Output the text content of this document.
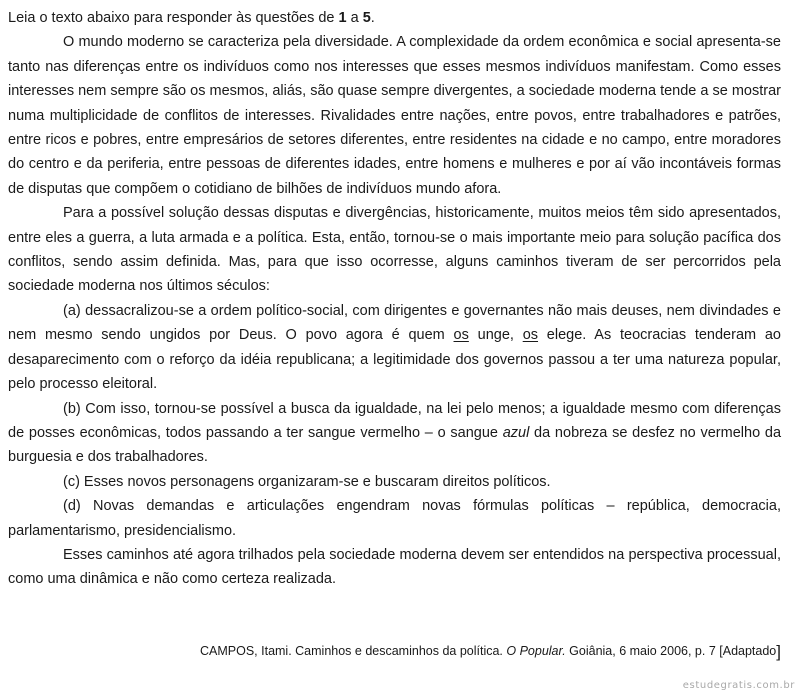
Leia o texto abaixo para responder às questões de 1 a 5.

O mundo moderno se caracteriza pela diversidade. A complexidade da ordem econômica e social apresenta-se tanto nas diferenças entre os indivíduos como nos interesses que esses mesmos indivíduos manifestam. Como esses interesses nem sempre são os mesmos, aliás, são quase sempre divergentes, a sociedade moderna tende a se mostrar numa multiplicidade de conflitos de interesses. Rivalidades entre nações, entre povos, entre trabalhadores e patrões, entre ricos e pobres, entre empresários de setores diferentes, entre residentes na cidade e no campo, entre moradores do centro e da periferia, entre pessoas de diferentes idades, entre homens e mulheres e por aí vão incontáveis formas de disputas que compõem o cotidiano de bilhões de indivíduos mundo afora.

Para a possível solução dessas disputas e divergências, historicamente, muitos meios têm sido apresentados, entre eles a guerra, a luta armada e a política. Esta, então, tornou-se o mais importante meio para solução pacífica dos conflitos, sendo assim definida. Mas, para que isso ocorresse, alguns caminhos tiveram de ser percorridos pela sociedade moderna nos últimos séculos:

(a) dessacralizou-se a ordem político-social, com dirigentes e governantes não mais deuses, nem divindades e nem mesmo sendo ungidos por Deus. O povo agora é quem os unge, os elege. As teocracias tenderam ao desaparecimento com o reforço da idéia republicana; a legitimidade dos governos passou a ter uma natureza popular, pelo processo eleitoral.

(b) Com isso, tornou-se possível a busca da igualdade, na lei pelo menos; a igualdade mesmo com diferenças de posses econômicas, todos passando a ter sangue vermelho – o sangue azul da nobreza se desfez no vermelho da burguesia e dos trabalhadores.

(c) Esses novos personagens organizaram-se e buscaram direitos políticos.

(d) Novas demandas e articulações engendram novas fórmulas políticas – república, democracia, parlamentarismo, presidencialismo.

Esses caminhos até agora trilhados pela sociedade moderna devem ser entendidos na perspectiva processual, como uma dinâmica e não como certeza realizada.

CAMPOS, Itami. Caminhos e descaminhos da política. O Popular. Goiânia, 6 maio 2006, p. 7 [Adaptado]
estudegratis.com.br
